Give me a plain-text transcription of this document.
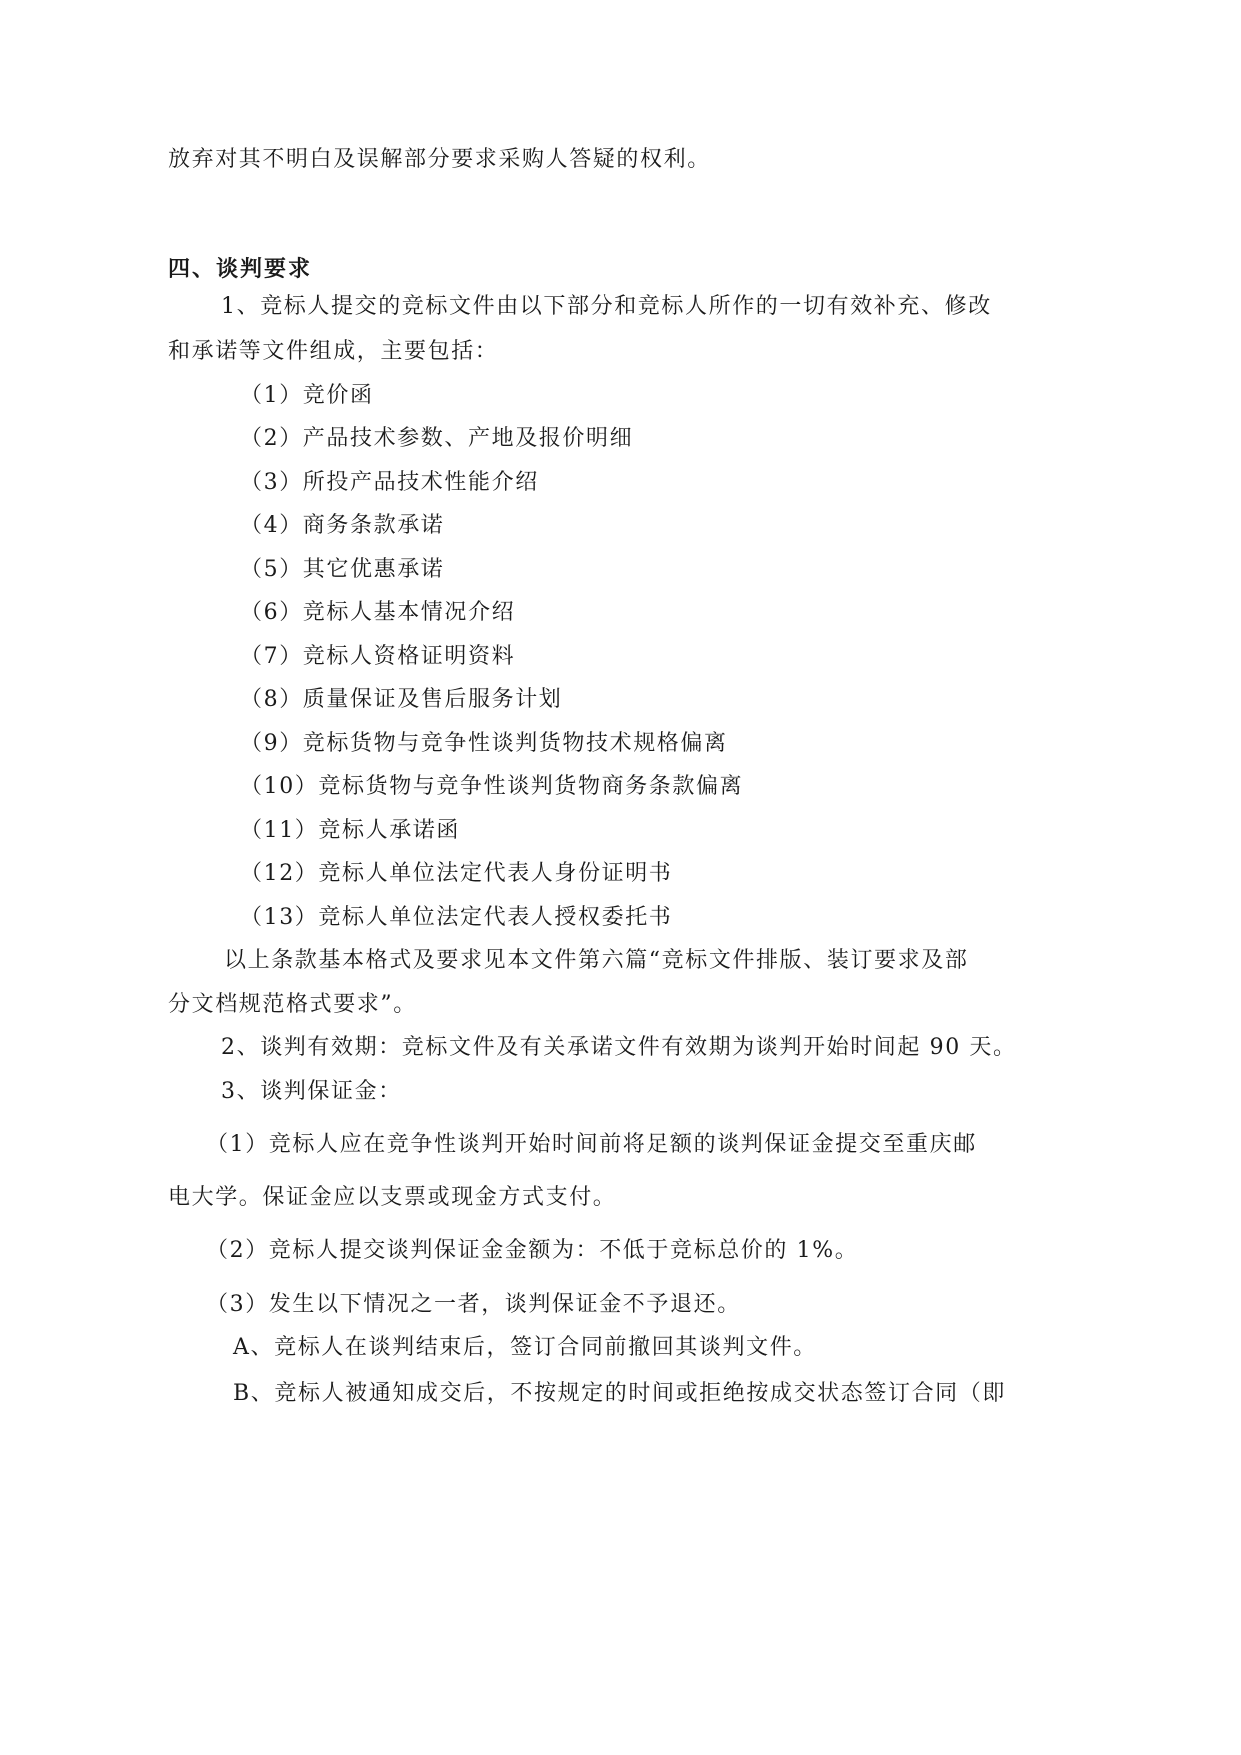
放弃对其不明白及误解部分要求采购人答疑的权利。
四、谈判要求
1、竞标人提交的竞标文件由以下部分和竞标人所作的一切有效补充、修改
和承诺等文件组成，主要包括：
（1）竞价函
（2）产品技术参数、产地及报价明细
（3）所投产品技术性能介绍
（4）商务条款承诺
（5）其它优惠承诺
（6）竞标人基本情况介绍
（7）竞标人资格证明资料
（8）质量保证及售后服务计划
（9）竞标货物与竞争性谈判货物技术规格偏离
（10）竞标货物与竞争性谈判货物商务条款偏离
（11）竞标人承诺函
（12）竞标人单位法定代表人身份证明书
（13）竞标人单位法定代表人授权委托书
以上条款基本格式及要求见本文件第六篇“竞标文件排版、装订要求及部
分文档规范格式要求”。
2、谈判有效期：竞标文件及有关承诺文件有效期为谈判开始时间起 90 天。
3、谈判保证金：
（1）竞标人应在竞争性谈判开始时间前将足额的谈判保证金提交至重庆邮
电大学。保证金应以支票或现金方式支付。
（2）竞标人提交谈判保证金金额为：不低于竞标总价的 1%。
（3）发生以下情况之一者，谈判保证金不予退还。
A、竞标人在谈判结束后，签订合同前撤回其谈判文件。
B、竞标人被通知成交后，不按规定的时间或拒绝按成交状态签订合同（即
